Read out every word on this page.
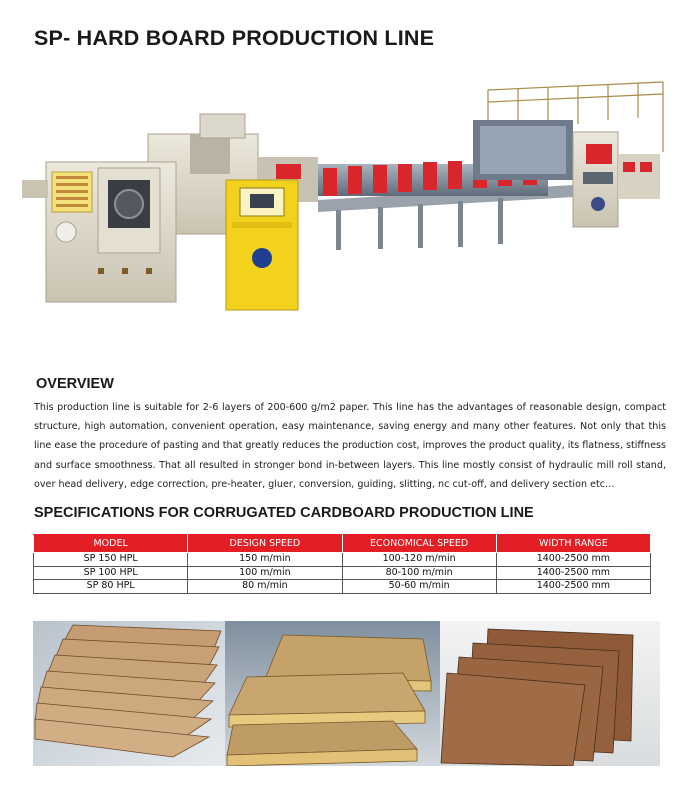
SP- HARD BOARD PRODUCTION LINE
OVERVIEW

This production line is suitable for 2-6 layers of 200-600 g/m2 paper. This line has the advantages of reasonable design, compact structure, high automation, convenient operation, easy maintenance, saving energy and many other features. Not only that this line ease the procedure of pasting and that greatly reduces the production cost, improves the product quality, its flatness, stiffness and surface smoothness. That all resulted in stronger bond in-between layers. This line mostly consist of hydraulic mill roll stand, over head delivery, edge correction, pre-heater, gluer, conversion, guiding, slitting, nc cut-off, and delivery section etc…

SPECIFICATIONS FOR CORRUGATED CARDBOARD PRODUCTION LINE
MODEL	DESIGN SPEED	ECONOMICAL SPEED	WIDTH RANGE
SP 150 HPL	150 m/min	100-120 m/min	1400-2500 mm
SP 100 HPL	100 m/min	80-100 m/min	1400-2500 mm
SP 80 HPL	80 m/min	50-60 m/min	1400-2500 mm
